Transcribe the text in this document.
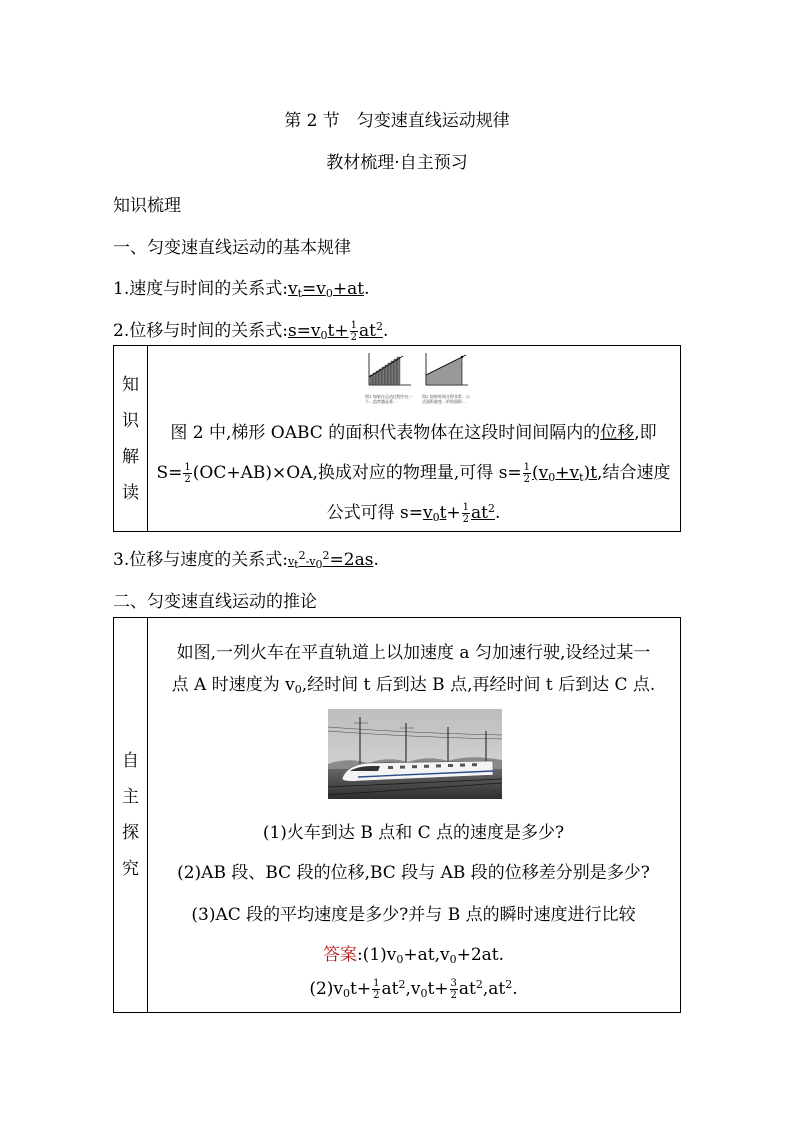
第 2 节　匀变速直线运动规律
教材梳理·自主预习
知识梳理
一、匀变速直线运动的基本规律
1.速度与时间的关系式$:v_t=v_0+at$.
2.位移与时间的关系式$:s=v_0t+ \frac{1}{2} at^2$.
知
识
解
读
图1 如果在运动过程中在一个…趋势越显著…
图2 如果时间分得非常…公式面积就变…形的面积…
图 2 中,梯形 OABC 的面积代表物体在这段时间间隔内的位移,即
$S= \frac{1}{2} (OC+AB)\times OA$,换成对应的物理量,可得 $s= \frac{1}{2} (v_0+v_t)t$,结合速度
公式可得 $s=v_0t+ \frac{1}{2} at^2$.
3.位移与速度的关系式$:v_t^2-v_0^2=2as$.
二、匀变速直线运动的推论
自
主
探
究
如图,一列火车在平直轨道上以加速度 a 匀加速行驶,设经过某一
点 A 时速度为 $v_0$,经时间 t 后到达 B 点,再经时间 t 后到达 C 点.
(1)火车到达 B 点和 C 点的速度是多少?
(2)AB 段、BC 段的位移,BC 段与 AB 段的位移差分别是多少?
(3)AC 段的平均速度是多少?并与 B 点的瞬时速度进行比较
答案$:(1)v_0+at,v_0+2at$.
$(2)v_0t+ \frac{1}{2} at^2,v_0t+ \frac{3}{2} at^2,at^2$.
